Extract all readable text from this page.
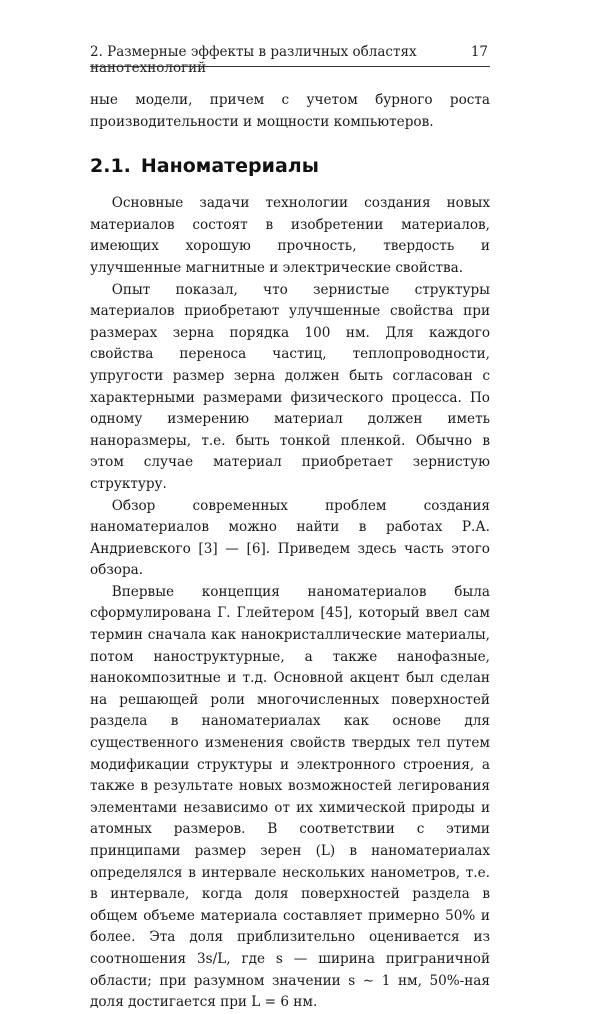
2. Размерные эффекты в различных областях нанотехнологий
17

ные модели, причем с учетом бурного роста производительности и мощности компьютеров.

2.1. Наноматериалы

Основные задачи технологии создания новых материалов состоят в изобретении материалов, имеющих хорошую прочность, твердость и улучшенные магнитные и электрические свойства.

Опыт показал, что зернистые структуры материалов приобретают улучшенные свойства при размерах зерна порядка 100 нм. Для каждого свойства переноса частиц, теплопроводности, упругости размер зерна должен быть согласован с характерными размерами физического процесса. По одному измерению материал должен иметь наноразмеры, т.е. быть тонкой пленкой. Обычно в этом случае материал приобретает зернистую структуру.

Обзор современных проблем создания наноматериалов можно найти в работах Р.А. Андриевского [3] — [6]. Приведем здесь часть этого обзора.

Впервые концепция наноматериалов была сформулирована Г. Глейтером [45], который ввел сам термин сначала как нанокристаллические материалы, потом наноструктурные, а также нанофазные, нанокомпозитные и т.д. Основной акцент был сделан на решающей роли многочисленных поверхностей раздела в наноматериалах как основе для существенного изменения свойств твердых тел путем модификации структуры и электронного строения, а также в результате новых возможностей легирования элементами независимо от их химической природы и атомных размеров. В соответствии с этими принципами размер зерен (L) в наноматериалах определялся в интервале нескольких нанометров, т.е. в интервале, когда доля поверхностей раздела в общем объеме материала составляет примерно 50% и более. Эта доля приблизительно оценивается из соотношения 3s/L, где s — ширина приграничной области; при разумном значении s ∼ 1 нм, 50%-ная доля достигается при L = 6 нм.
